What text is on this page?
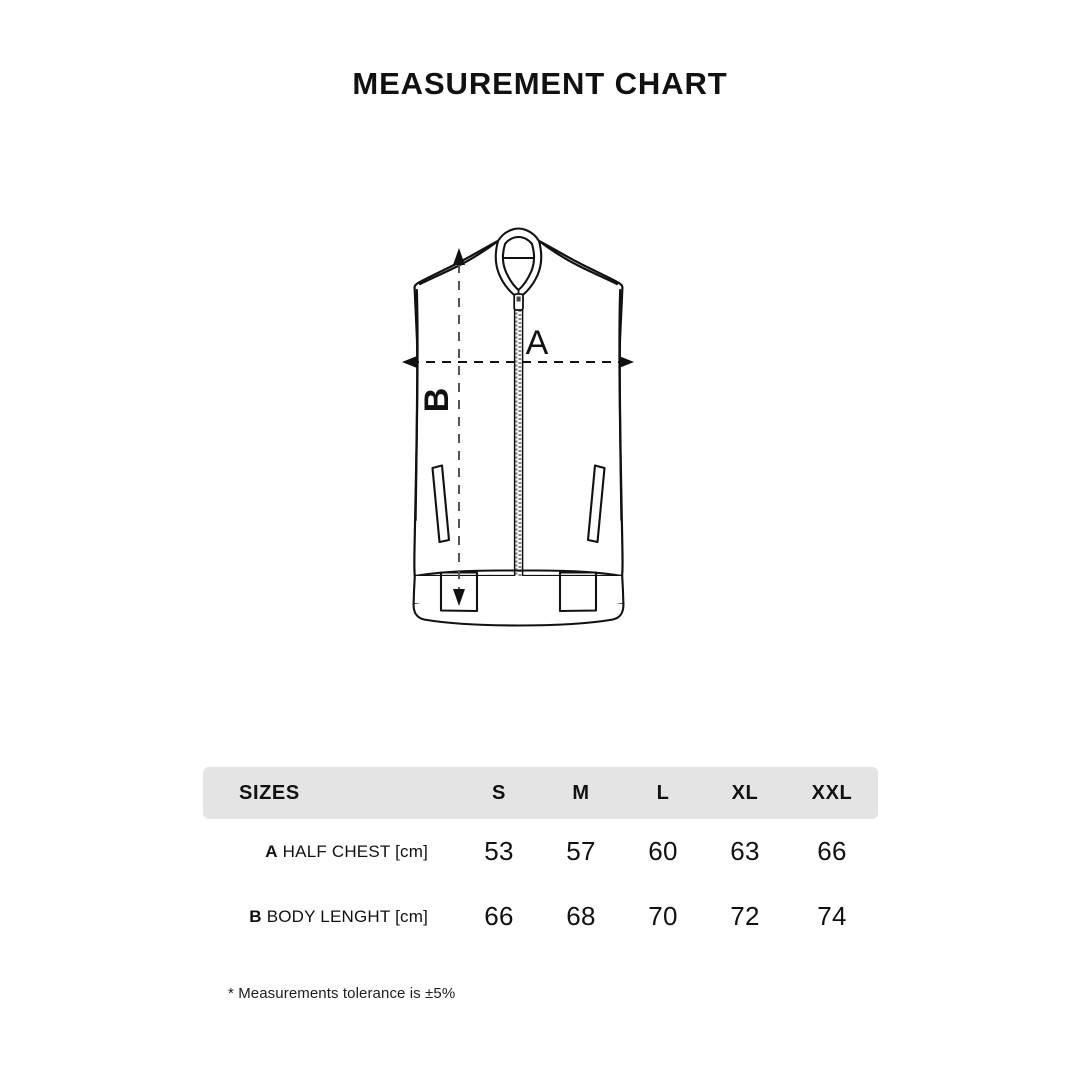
MEASUREMENT CHART
A
B
SIZES	S	M	L	XL	XXL
A HALF CHEST [cm]	53	57	60	63	66
B BODY LENGHT [cm]	66	68	70	72	74
* Measurements tolerance is ±5%
